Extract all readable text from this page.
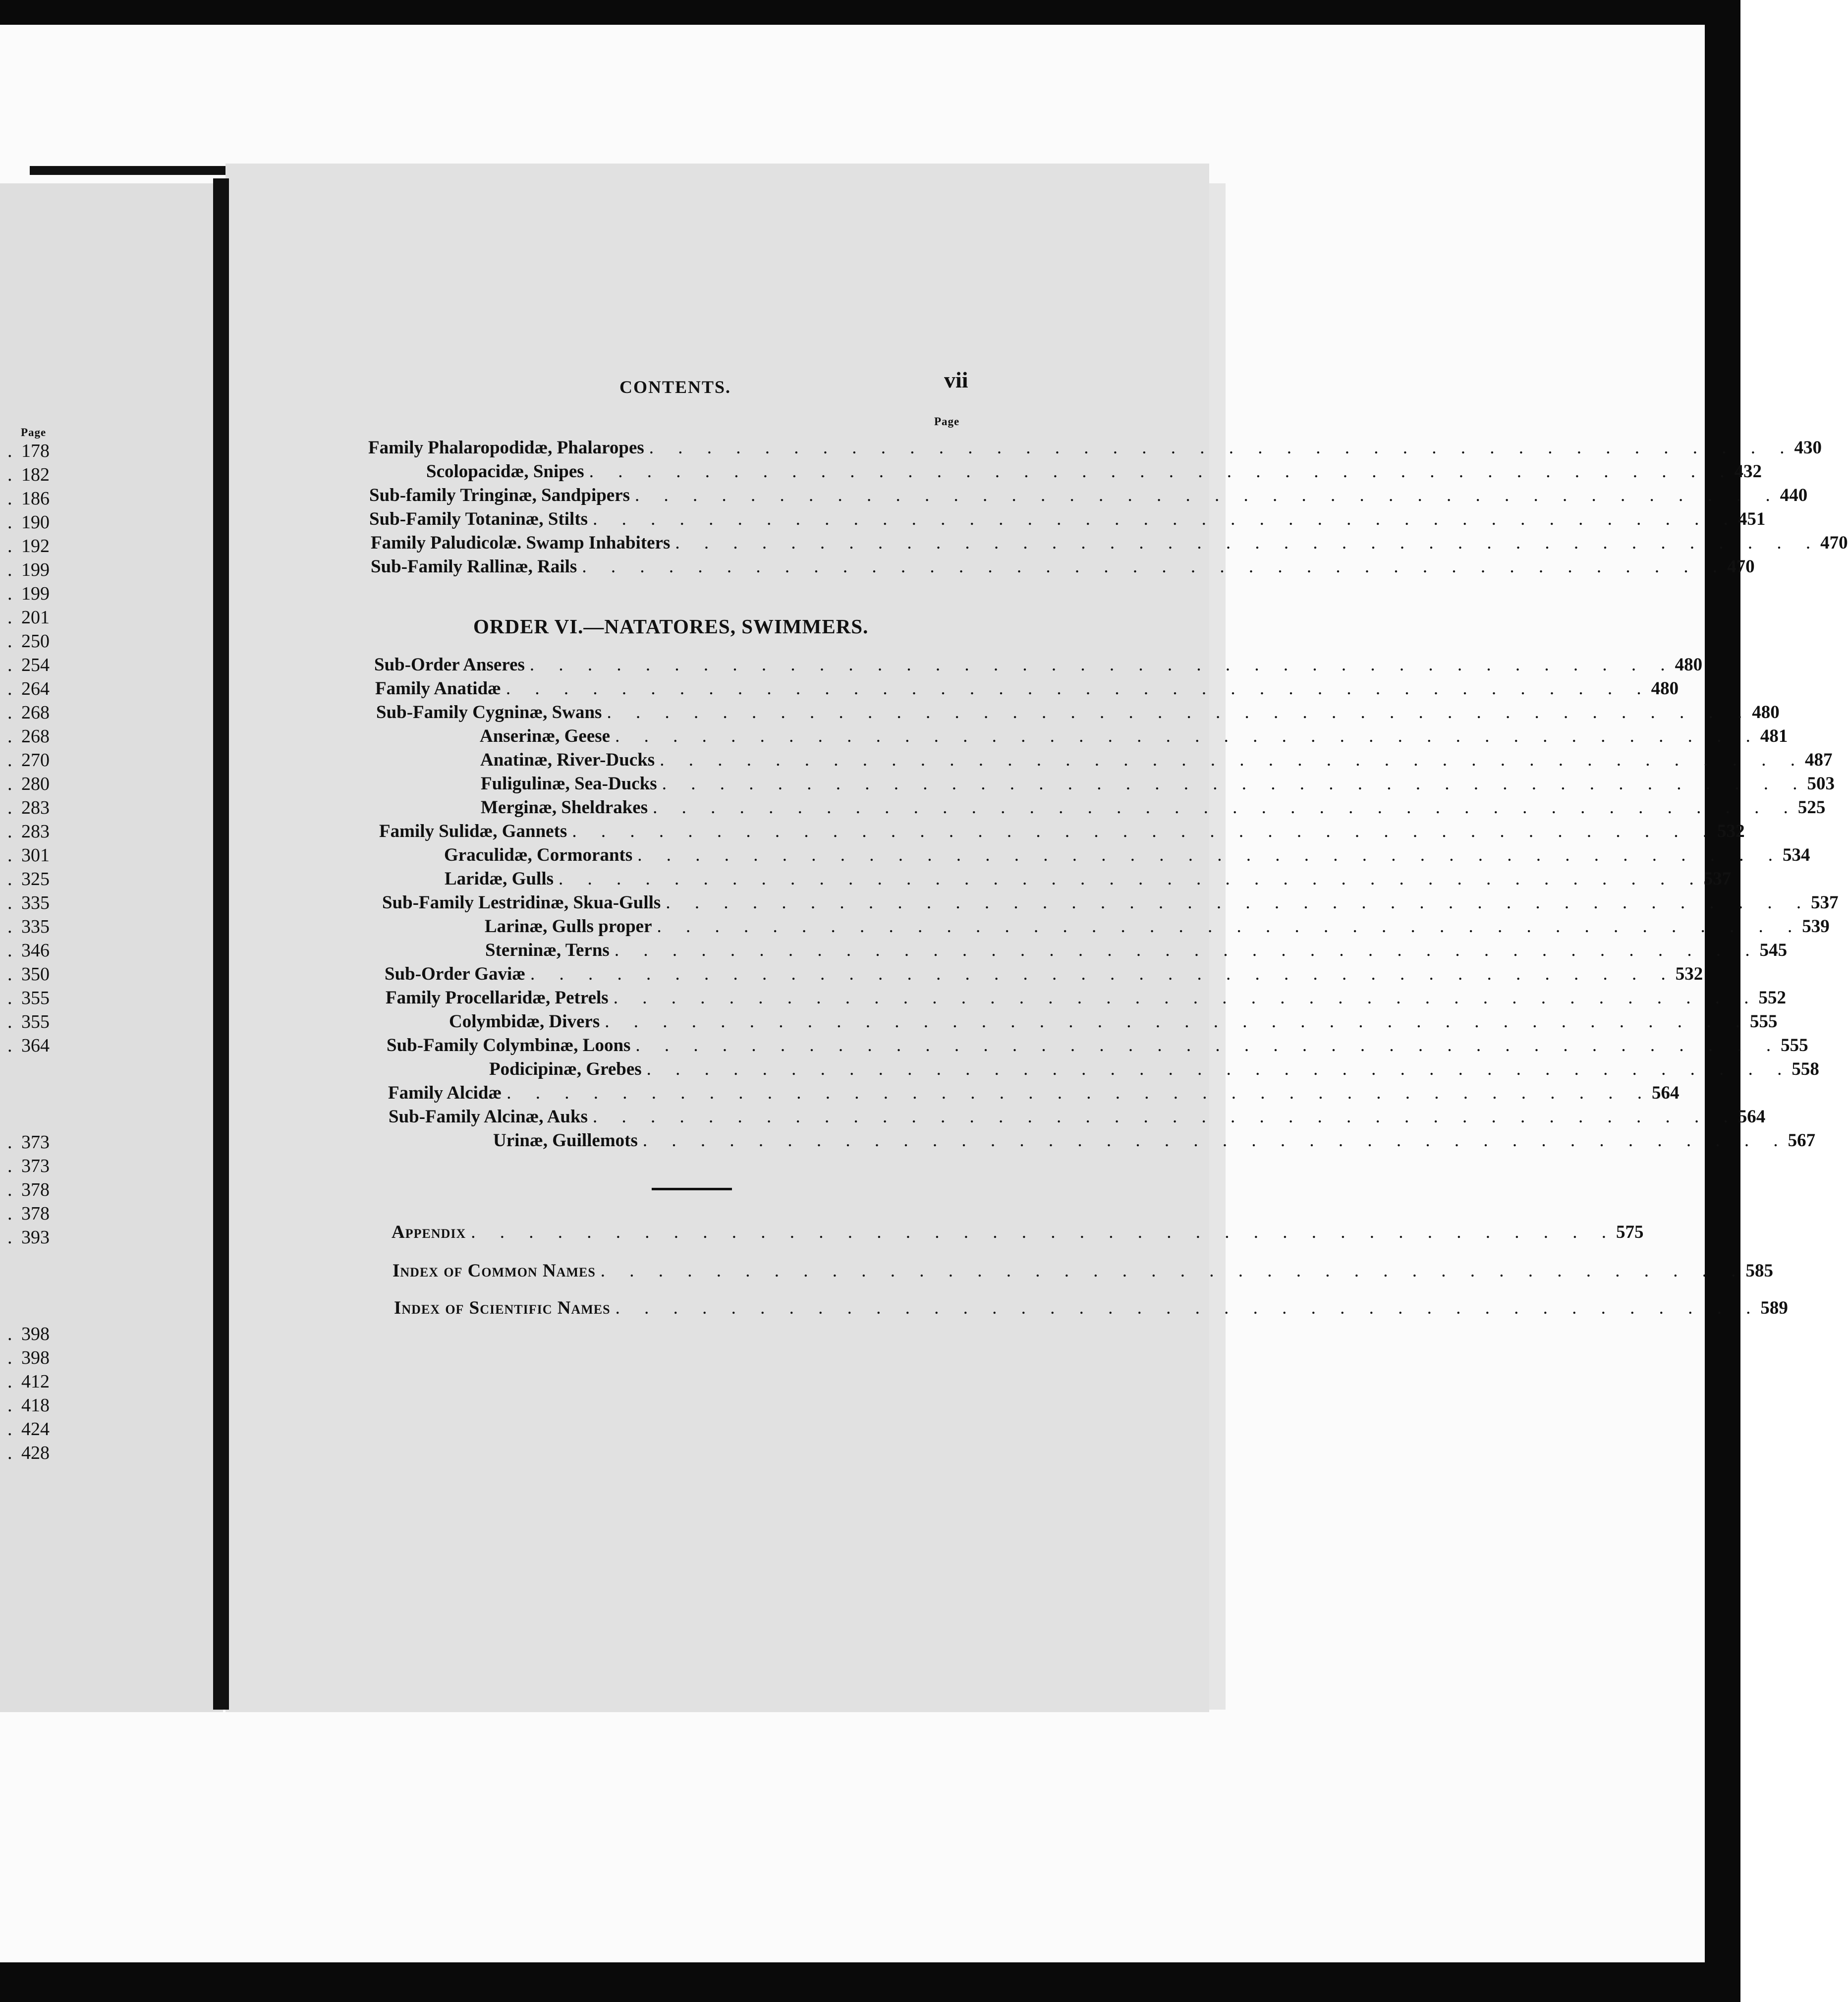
Page
. 178
. 182
. 186
. 190
. 192
. 199
. 199
. 201
. 250
. 254
. 264
. 268
. 268
. 270
. 280
. 283
. 283
. 301
. 325
. 335
. 335
. 346
. 350
. 355
. 355
. 364
. 373
. 373
. 378
. 378
. 393
. 398
. 398
. 412
. 418
. 424
. 428
CONTENTS.	vii
Page
Family Phalaropodidæ, Phalaropes . . . . . . . . . . . . . . . . . . . . . . . . . . . . . . . . . . . . . . . . 430
Scolopacidæ, Snipes . . . . . . . . . . . . . . . . . . . . . . . . . . . . . . . . . . . . . . . . 432
Sub-family Tringinæ, Sandpipers . . . . . . . . . . . . . . . . . . . . . . . . . . . . . . . . . . . . . . . . 440
Sub-Family Totaninæ, Stilts . . . . . . . . . . . . . . . . . . . . . . . . . . . . . . . . . . . . . . . . 451
Family Paludicolæ. Swamp Inhabiters . . . . . . . . . . . . . . . . . . . . . . . . . . . . . . . . . . . . . . . . 470
Sub-Family Rallinæ, Rails . . . . . . . . . . . . . . . . . . . . . . . . . . . . . . . . . . . . . . . . 470
ORDER VI.—NATATORES, SWIMMERS.
Sub-Order Anseres . . . . . . . . . . . . . . . . . . . . . . . . . . . . . . . . . . . . . . . . 480
Family Anatidæ . . . . . . . . . . . . . . . . . . . . . . . . . . . . . . . . . . . . . . . . 480
Sub-Family Cygninæ, Swans . . . . . . . . . . . . . . . . . . . . . . . . . . . . . . . . . . . . . . . . 480
Anserinæ, Geese . . . . . . . . . . . . . . . . . . . . . . . . . . . . . . . . . . . . . . . . 481
Anatinæ, River-Ducks . . . . . . . . . . . . . . . . . . . . . . . . . . . . . . . . . . . . . . . . 487
Fuligulinæ, Sea-Ducks . . . . . . . . . . . . . . . . . . . . . . . . . . . . . . . . . . . . . . . . 503
Merginæ, Sheldrakes . . . . . . . . . . . . . . . . . . . . . . . . . . . . . . . . . . . . . . . . 525
Family Sulidæ, Gannets . . . . . . . . . . . . . . . . . . . . . . . . . . . . . . . . . . . . . . . . 532
Graculidæ, Cormorants . . . . . . . . . . . . . . . . . . . . . . . . . . . . . . . . . . . . . . . . 534
Laridæ, Gulls . . . . . . . . . . . . . . . . . . . . . . . . . . . . . . . . . . . . . . . . 537
Sub-Family Lestridinæ, Skua-Gulls . . . . . . . . . . . . . . . . . . . . . . . . . . . . . . . . . . . . . . . . 537
Larinæ, Gulls proper . . . . . . . . . . . . . . . . . . . . . . . . . . . . . . . . . . . . . . . . 539
Sterninæ, Terns . . . . . . . . . . . . . . . . . . . . . . . . . . . . . . . . . . . . . . . . 545
Sub-Order Gaviæ . . . . . . . . . . . . . . . . . . . . . . . . . . . . . . . . . . . . . . . . 532
Family Procellaridæ, Petrels . . . . . . . . . . . . . . . . . . . . . . . . . . . . . . . . . . . . . . . . 552
Colymbidæ, Divers . . . . . . . . . . . . . . . . . . . . . . . . . . . . . . . . . . . . . . . . 555
Sub-Family Colymbinæ, Loons . . . . . . . . . . . . . . . . . . . . . . . . . . . . . . . . . . . . . . . . 555
Podicipinæ, Grebes . . . . . . . . . . . . . . . . . . . . . . . . . . . . . . . . . . . . . . . . 558
Family Alcidæ . . . . . . . . . . . . . . . . . . . . . . . . . . . . . . . . . . . . . . . . 564
Sub-Family Alcinæ, Auks . . . . . . . . . . . . . . . . . . . . . . . . . . . . . . . . . . . . . . . . 564
Urinæ, Guillemots . . . . . . . . . . . . . . . . . . . . . . . . . . . . . . . . . . . . . . . . 567
Appendix . . . . . . . . . . . . . . . . . . . . . . . . . . . . . . . . . . . . . . . . 575
Index of Common Names . . . . . . . . . . . . . . . . . . . . . . . . . . . . . . . . . . . . . . . . 585
Index of Scientific Names . . . . . . . . . . . . . . . . . . . . . . . . . . . . . . . . . . . . . . . . 589
